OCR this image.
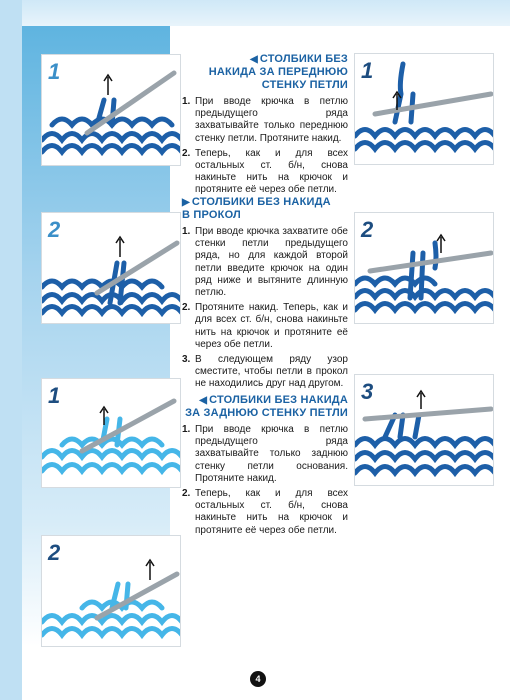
1
2
1
2
1
2
3
◀ СТОЛБИКИ БЕЗ
НАКИДА ЗА ПЕРЕДНЮЮ
СТЕНКУ ПЕТЛИ
1. При вводе крючка в петлю предыдущего ряда захватывайте только переднюю стенку петли. Протяните накид.
2. Теперь, как и для всех остальных ст. б/н, снова накиньте нить на крючок и протяните её через обе петли.
▶ СТОЛБИКИ БЕЗ НАКИДА
В ПРОКОЛ
1. При вводе крючка захватите обе стенки петли предыдущего ряда, но для каждой второй петли введите крючок на один ряд ниже и вытяните длинную петлю.
2. Протяните накид. Теперь, как и для всех ст. б/н, снова накиньте нить на крючок и протяните её через обе петли.
3. В следующем ряду узор сместите, чтобы петли в прокол не находились друг над другом.
◀ СТОЛБИКИ БЕЗ НАКИДА
ЗА ЗАДНЮЮ СТЕНКУ ПЕТЛИ
1. При вводе крючка в петлю предыдущего ряда захватывайте только заднюю стенку петли основания. Протяните накид.
2. Теперь, как и для всех остальных ст. б/н, снова накиньте нить на крючок и протяните её через обе петли.
4
